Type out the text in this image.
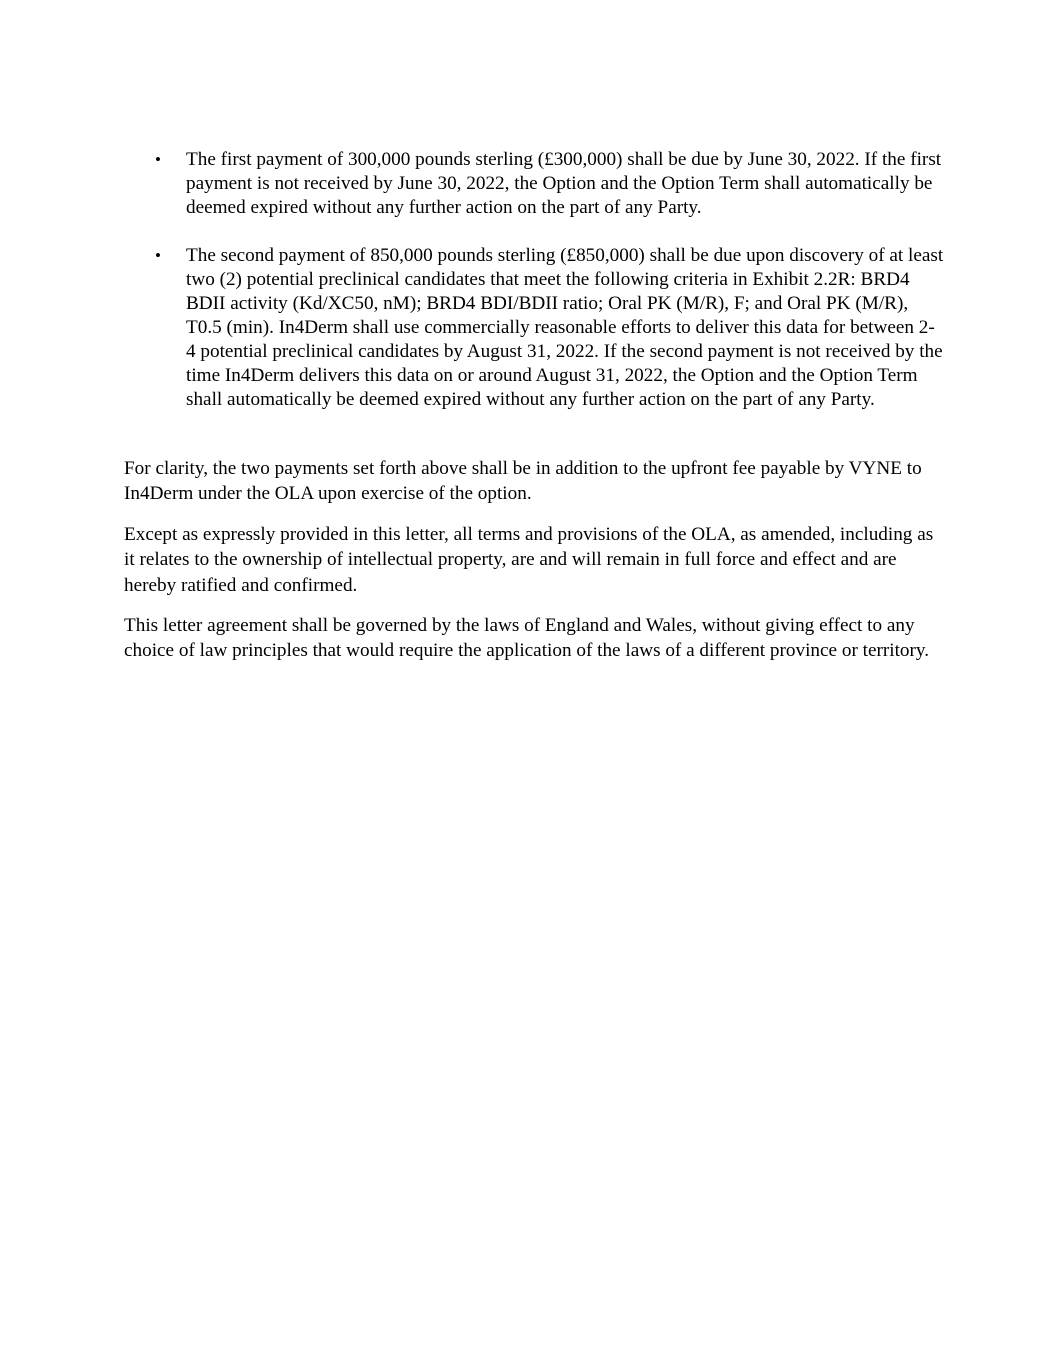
• The first payment of 300,000 pounds sterling (£300,000) shall be due by June 30, 2022. If the first payment is not received by June 30, 2022, the Option and the Option Term shall automatically be deemed expired without any further action on the part of any Party.
• The second payment of 850,000 pounds sterling (£850,000) shall be due upon discovery of at least two (2) potential preclinical candidates that meet the following criteria in Exhibit 2.2R: BRD4 BDII activity (Kd/XC50, nM); BRD4 BDI/BDII ratio; Oral PK (M/R), F; and Oral PK (M/R), T0.5 (min). In4Derm shall use commercially reasonable efforts to deliver this data for between 2-4 potential preclinical candidates by August 31, 2022. If the second payment is not received by the time In4Derm delivers this data on or around August 31, 2022, the Option and the Option Term shall automatically be deemed expired without any further action on the part of any Party.

For clarity, the two payments set forth above shall be in addition to the upfront fee payable by VYNE to In4Derm under the OLA upon exercise of the option.

Except as expressly provided in this letter, all terms and provisions of the OLA, as amended, including as it relates to the ownership of intellectual property, are and will remain in full force and effect and are hereby ratified and confirmed.

This letter agreement shall be governed by the laws of England and Wales, without giving effect to any choice of law principles that would require the application of the laws of a different province or territory.
